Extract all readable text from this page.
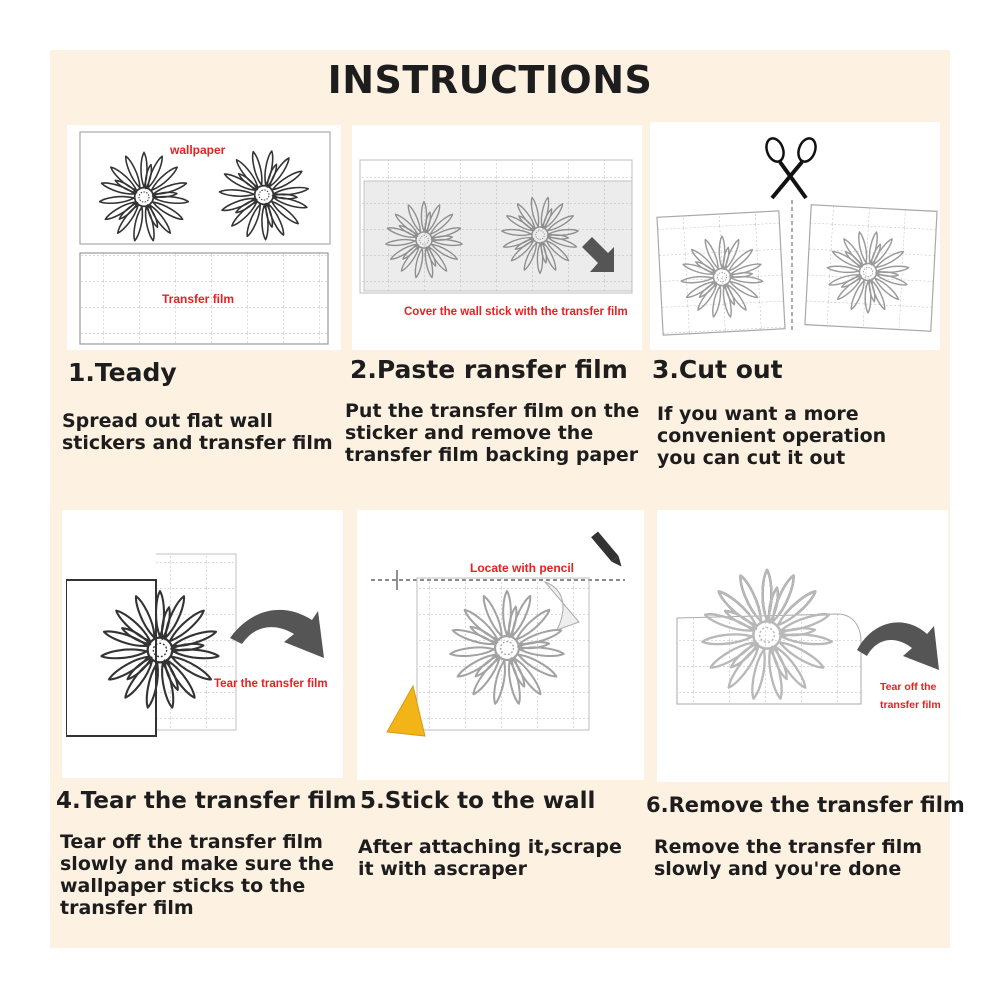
INSTRUCTIONS
wallpaper
Transfer film
Cover the wall stick with the transfer film
Tear the transfer film
Locate with pencil
Tear off the
transfer film
1.Teady

Spread out flat wall
stickers and transfer film

2.Paste ransfer film

Put the transfer film on the
sticker and remove the
transfer film backing paper

3.Cut out

If you want a more
convenient operation
you can cut it out

4.Tear the transfer film

Tear off the transfer film
slowly and make sure the
wallpaper sticks to the
transfer film

5.Stick to the wall

After attaching it,scrape
it with ascraper

6.Remove the transfer film

Remove the transfer film
slowly and you're done
